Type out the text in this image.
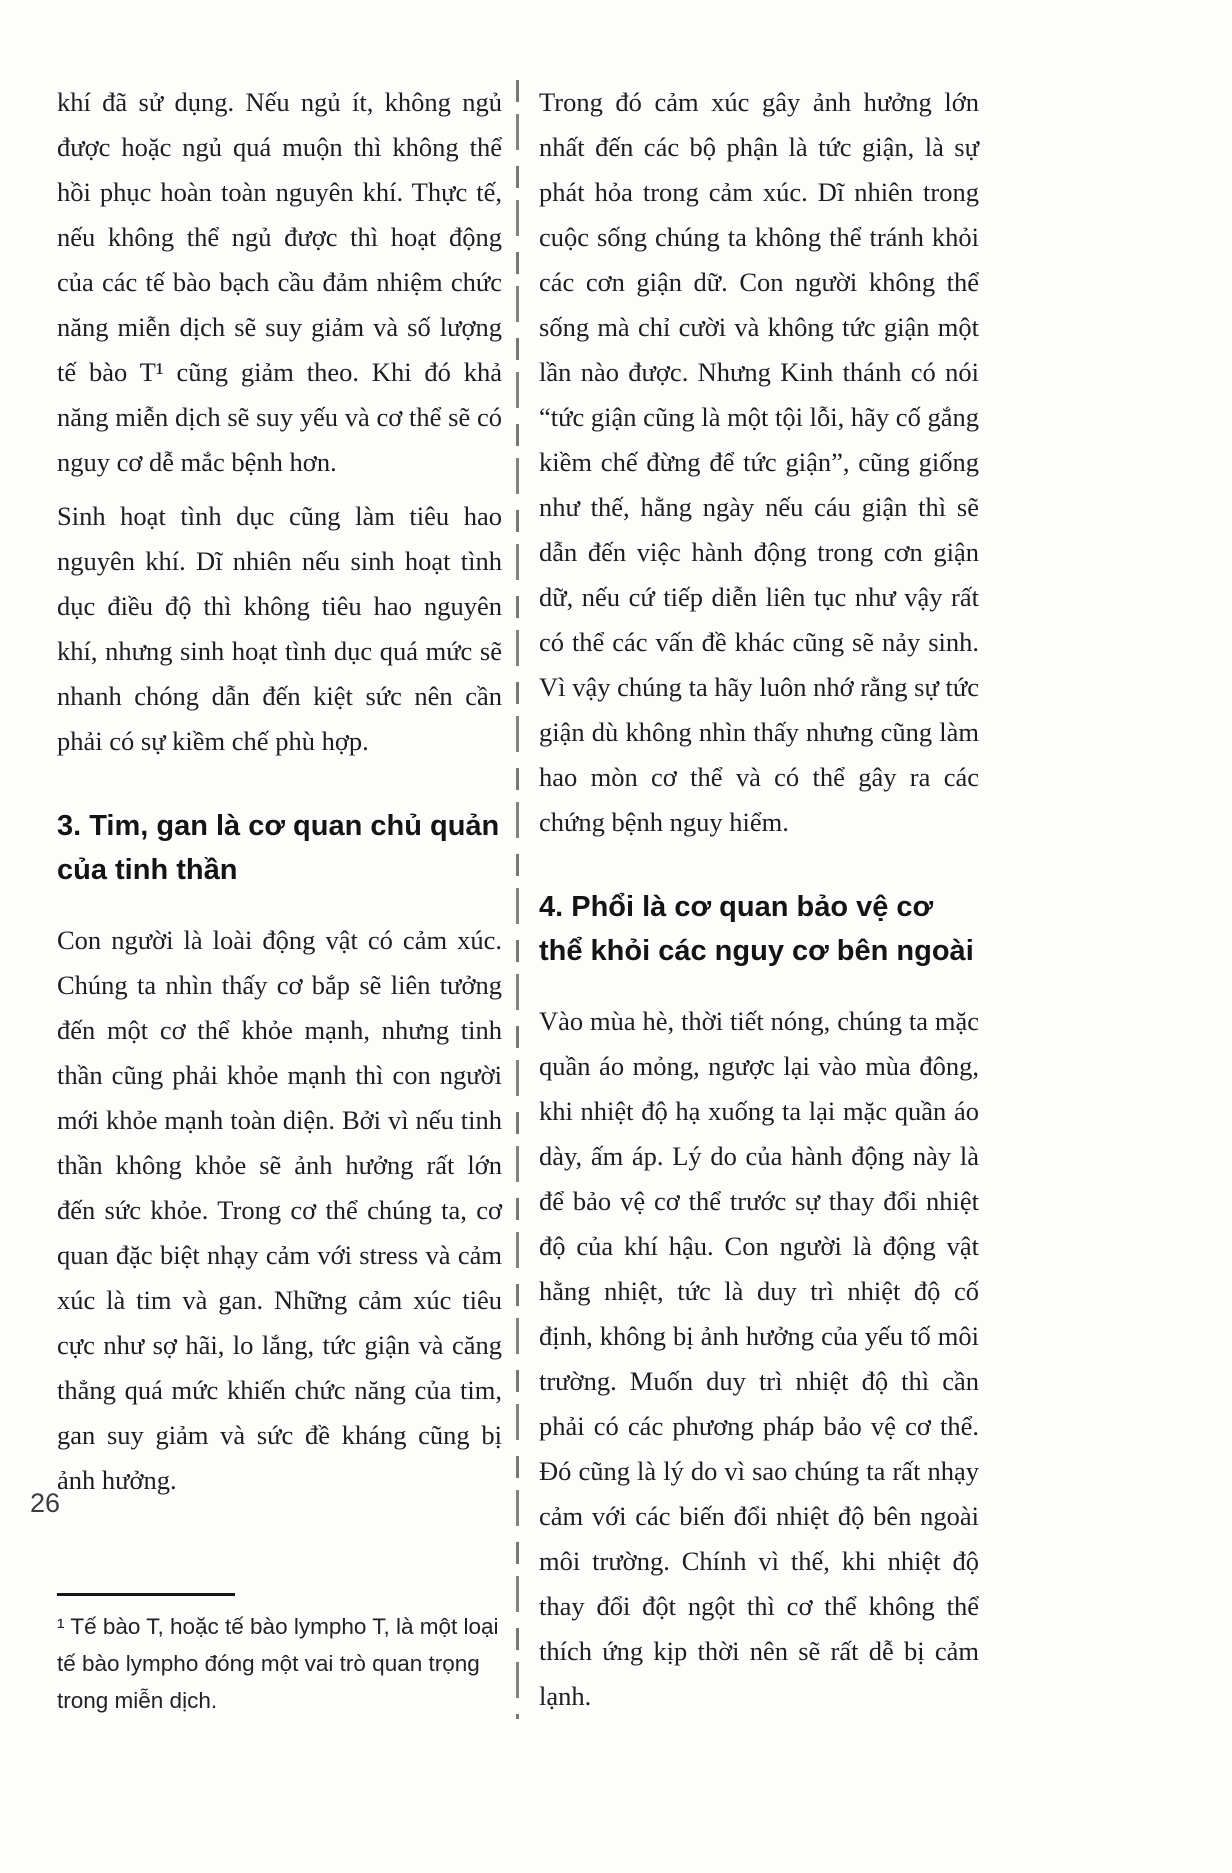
khí đã sử dụng. Nếu ngủ ít, không ngủ được hoặc ngủ quá muộn thì không thể hồi phục hoàn toàn nguyên khí. Thực tế, nếu không thể ngủ được thì hoạt động của các tế bào bạch cầu đảm nhiệm chức năng miễn dịch sẽ suy giảm và số lượng tế bào T¹ cũng giảm theo. Khi đó khả năng miễn dịch sẽ suy yếu và cơ thể sẽ có nguy cơ dễ mắc bệnh hơn.

Sinh hoạt tình dục cũng làm tiêu hao nguyên khí. Dĩ nhiên nếu sinh hoạt tình dục điều độ thì không tiêu hao nguyên khí, nhưng sinh hoạt tình dục quá mức sẽ nhanh chóng dẫn đến kiệt sức nên cần phải có sự kiềm chế phù hợp.

3. Tim, gan là cơ quan chủ quản của tinh thần

Con người là loài động vật có cảm xúc. Chúng ta nhìn thấy cơ bắp sẽ liên tưởng đến một cơ thể khỏe mạnh, nhưng tinh thần cũng phải khỏe mạnh thì con người mới khỏe mạnh toàn diện. Bởi vì nếu tinh thần không khỏe sẽ ảnh hưởng rất lớn đến sức khỏe. Trong cơ thể chúng ta, cơ quan đặc biệt nhạy cảm với stress và cảm xúc là tim và gan. Những cảm xúc tiêu cực như sợ hãi, lo lắng, tức giận và căng thẳng quá mức khiến chức năng của tim, gan suy giảm và sức đề kháng cũng bị ảnh hưởng.

¹ Tế bào T, hoặc tế bào lympho T, là một loại tế bào lympho đóng một vai trò quan trọng trong miễn dịch.

Trong đó cảm xúc gây ảnh hưởng lớn nhất đến các bộ phận là tức giận, là sự phát hỏa trong cảm xúc. Dĩ nhiên trong cuộc sống chúng ta không thể tránh khỏi các cơn giận dữ. Con người không thể sống mà chỉ cười và không tức giận một lần nào được. Nhưng Kinh thánh có nói “tức giận cũng là một tội lỗi, hãy cố gắng kiềm chế đừng để tức giận”, cũng giống như thế, hằng ngày nếu cáu giận thì sẽ dẫn đến việc hành động trong cơn giận dữ, nếu cứ tiếp diễn liên tục như vậy rất có thể các vấn đề khác cũng sẽ nảy sinh. Vì vậy chúng ta hãy luôn nhớ rằng sự tức giận dù không nhìn thấy nhưng cũng làm hao mòn cơ thể và có thể gây ra các chứng bệnh nguy hiểm.

4. Phổi là cơ quan bảo vệ cơ thể khỏi các nguy cơ bên ngoài

Vào mùa hè, thời tiết nóng, chúng ta mặc quần áo mỏng, ngược lại vào mùa đông, khi nhiệt độ hạ xuống ta lại mặc quần áo dày, ấm áp. Lý do của hành động này là để bảo vệ cơ thể trước sự thay đổi nhiệt độ của khí hậu. Con người là động vật hằng nhiệt, tức là duy trì nhiệt độ cố định, không bị ảnh hưởng của yếu tố môi trường. Muốn duy trì nhiệt độ thì cần phải có các phương pháp bảo vệ cơ thể. Đó cũng là lý do vì sao chúng ta rất nhạy cảm với các biến đổi nhiệt độ bên ngoài môi trường. Chính vì thế, khi nhiệt độ thay đổi đột ngột thì cơ thể không thể thích ứng kịp thời nên sẽ rất dễ bị cảm lạnh.

26
